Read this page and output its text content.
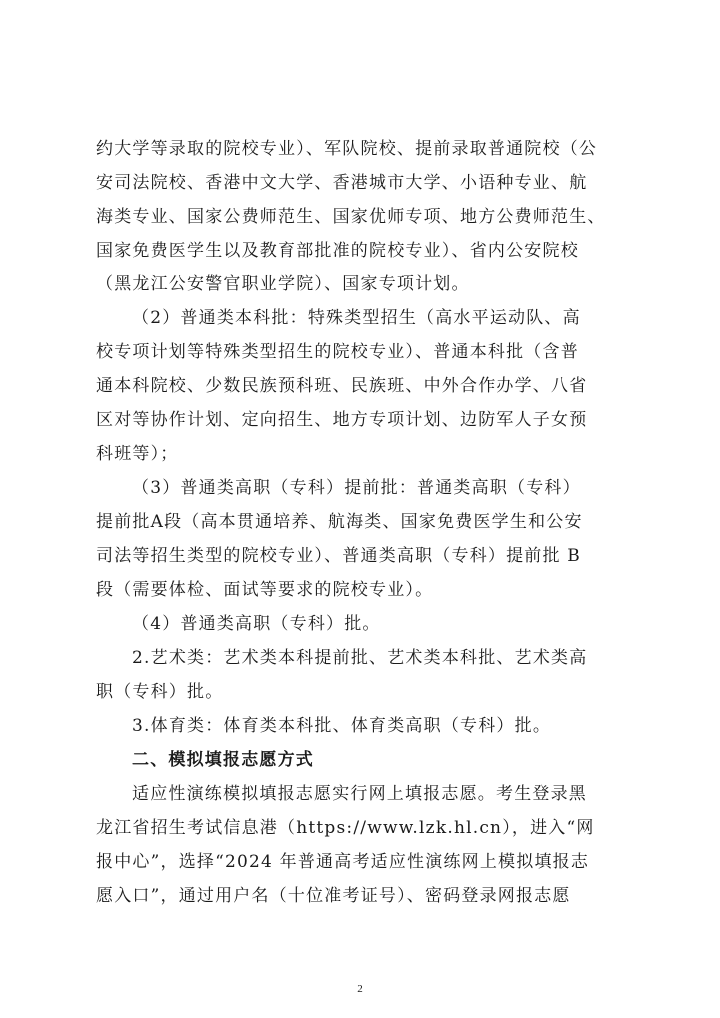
约大学等录取的院校专业）、军队院校、提前录取普通院校（公
安司法院校、香港中文大学、香港城市大学、小语种专业、航
海类专业、国家公费师范生、国家优师专项、地方公费师范生、
国家免费医学生以及教育部批准的院校专业）、省内公安院校
（黑龙江公安警官职业学院）、国家专项计划。
（2）普通类本科批：特殊类型招生（高水平运动队、高
校专项计划等特殊类型招生的院校专业）、普通本科批（含普
通本科院校、少数民族预科班、民族班、中外合作办学、八省
区对等协作计划、定向招生、地方专项计划、边防军人子女预
科班等）；
（3）普通类高职（专科）提前批：普通类高职（专科）
提前批A段（高本贯通培养、航海类、国家免费医学生和公安
司法等招生类型的院校专业）、普通类高职（专科）提前批 B
段（需要体检、面试等要求的院校专业）。
（4）普通类高职（专科）批。
2.艺术类：艺术类本科提前批、艺术类本科批、艺术类高
职（专科）批。
3.体育类：体育类本科批、体育类高职（专科）批。
二、模拟填报志愿方式
适应性演练模拟填报志愿实行网上填报志愿。考生登录黑
龙江省招生考试信息港（https://www.lzk.hl.cn），进入“网
报中心”，选择“2024 年普通高考适应性演练网上模拟填报志
愿入口”，通过用户名（十位准考证号）、密码登录网报志愿
2
